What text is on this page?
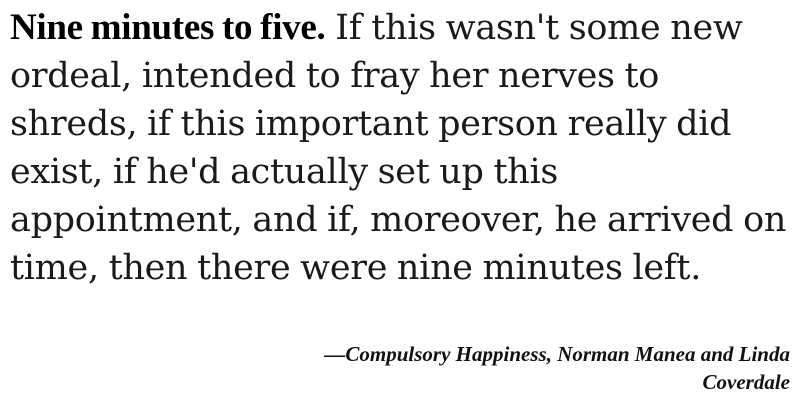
Nine minutes to five. If this wasn't some new ordeal, intended to fray her nerves to shreds, if this important person really did exist, if he'd actually set up this appointment, and if, moreover, he arrived on time, then there were nine minutes left.

—Compulsory Happiness, Norman Manea and Linda Coverdale
